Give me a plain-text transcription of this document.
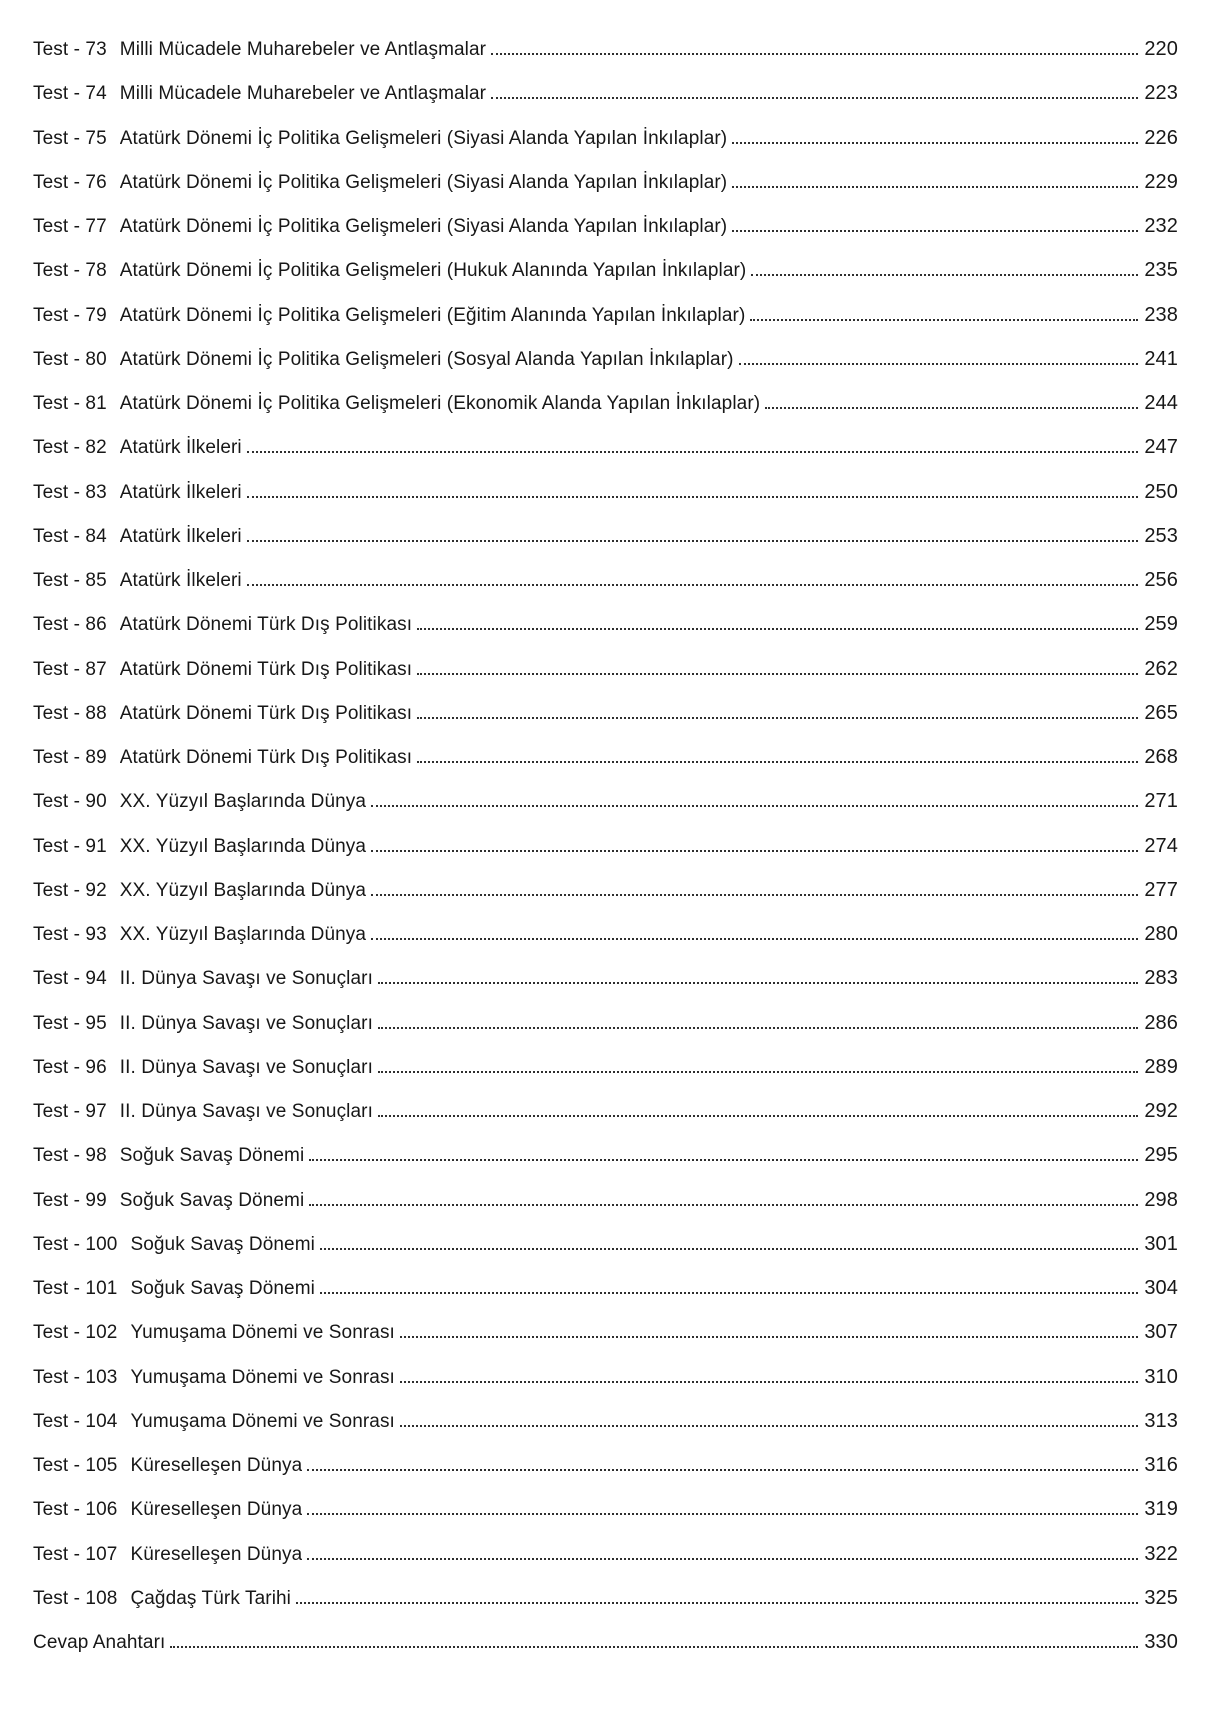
Test - 73 Milli Mücadele Muharebeler ve Antlaşmalar	220
Test - 74 Milli Mücadele Muharebeler ve Antlaşmalar	223
Test - 75 Atatürk Dönemi İç Politika Gelişmeleri (Siyasi Alanda Yapılan İnkılaplar)	226
Test - 76 Atatürk Dönemi İç Politika Gelişmeleri (Siyasi Alanda Yapılan İnkılaplar)	229
Test - 77 Atatürk Dönemi İç Politika Gelişmeleri (Siyasi Alanda Yapılan İnkılaplar)	232
Test - 78 Atatürk Dönemi İç Politika Gelişmeleri (Hukuk Alanında Yapılan İnkılaplar)	235
Test - 79 Atatürk Dönemi İç Politika Gelişmeleri (Eğitim Alanında Yapılan İnkılaplar)	238
Test - 80 Atatürk Dönemi İç Politika Gelişmeleri (Sosyal Alanda Yapılan İnkılaplar)	241
Test - 81 Atatürk Dönemi İç Politika Gelişmeleri (Ekonomik Alanda Yapılan İnkılaplar)	244
Test - 82 Atatürk İlkeleri	247
Test - 83 Atatürk İlkeleri	250
Test - 84 Atatürk İlkeleri	253
Test - 85 Atatürk İlkeleri	256
Test - 86 Atatürk Dönemi Türk Dış Politikası	259
Test - 87 Atatürk Dönemi Türk Dış Politikası	262
Test - 88 Atatürk Dönemi Türk Dış Politikası	265
Test - 89 Atatürk Dönemi Türk Dış Politikası	268
Test - 90 XX. Yüzyıl Başlarında Dünya	271
Test - 91 XX. Yüzyıl Başlarında Dünya	274
Test - 92 XX. Yüzyıl Başlarında Dünya	277
Test - 93 XX. Yüzyıl Başlarında Dünya	280
Test - 94 II. Dünya Savaşı ve Sonuçları	283
Test - 95 II. Dünya Savaşı ve Sonuçları	286
Test - 96 II. Dünya Savaşı ve Sonuçları	289
Test - 97 II. Dünya Savaşı ve Sonuçları	292
Test - 98 Soğuk Savaş Dönemi	295
Test - 99 Soğuk Savaş Dönemi	298
Test - 100 Soğuk Savaş Dönemi	301
Test - 101 Soğuk Savaş Dönemi	304
Test - 102 Yumuşama Dönemi ve Sonrası	307
Test - 103 Yumuşama Dönemi ve Sonrası	310
Test - 104 Yumuşama Dönemi ve Sonrası	313
Test - 105 Küreselleşen Dünya	316
Test - 106 Küreselleşen Dünya	319
Test - 107 Küreselleşen Dünya	322
Test - 108 Çağdaş Türk Tarihi	325
Cevap Anahtarı	330
